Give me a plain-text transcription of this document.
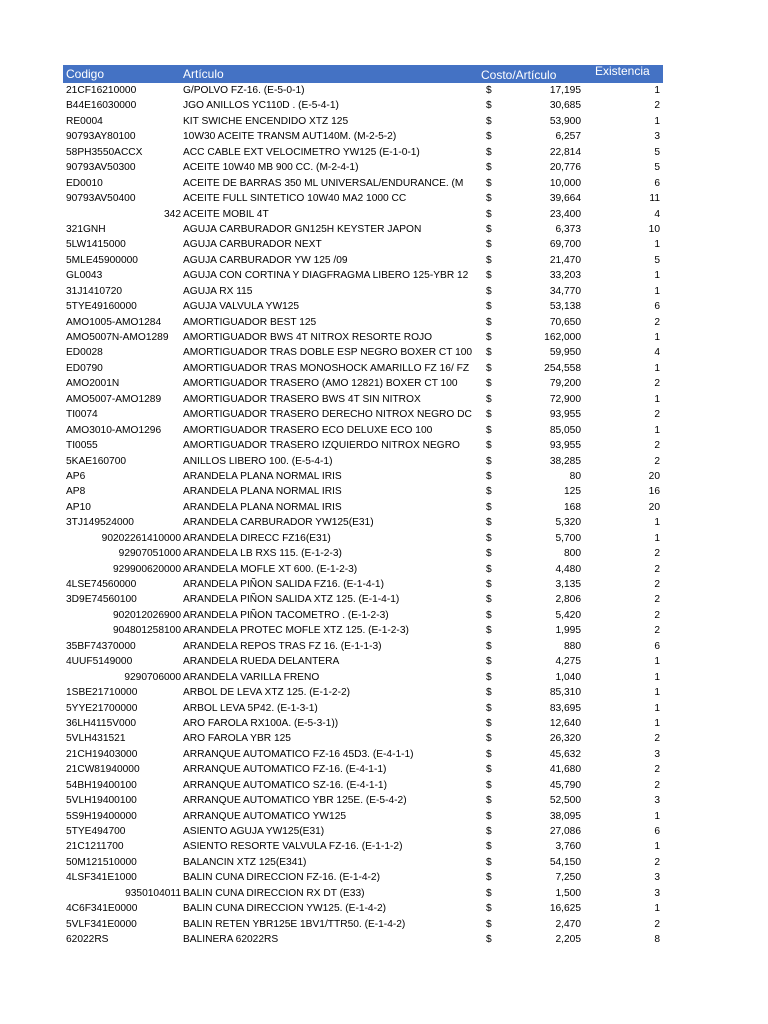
Codigo	Artículo	Costo/Artículo	Existencia
21CF16210000	G/POLVO FZ-16. (E-5-0-1)	$	17,195	1
B44E16030000	JGO ANILLOS YC110D . (E-5-4-1)	$	30,685	2
RE0004	KIT SWICHE ENCENDIDO XTZ 125	$	53,900	1
90793AY80100	10W30 ACEITE TRANSM AUT140M. (M-2-5-2)	$	6,257	3
58PH3550ACCX	ACC CABLE EXT VELOCIMETRO YW125 (E-1-0-1)	$	22,814	5
90793AV50300	ACEITE 10W40 MB 900 CC. (M-2-4-1)	$	20,776	5
ED0010	ACEITE DE BARRAS 350 ML UNIVERSAL/ENDURANCE. (M	$	10,000	6
90793AV50400	ACEITE FULL SINTETICO 10W40 MA2 1000 CC	$	39,664	11
342 ACEITE MOBIL 4T	$	23,400	4
321GNH	AGUJA CARBURADOR GN125H KEYSTER JAPON	$	6,373	10
5LW1415000	AGUJA CARBURADOR NEXT	$	69,700	1
5MLE45900000	AGUJA CARBURADOR YW 125 /09	$	21,470	5
GL0043	AGUJA CON CORTINA Y DIAGFRAGMA LIBERO 125-YBR 12	$	33,203	1
31J1410720	AGUJA RX 115	$	34,770	1
5TYE49160000	AGUJA VALVULA YW125	$	53,138	6
AMO1005-AMO1284	AMORTIGUADOR BEST 125	$	70,650	2
AMO5007N-AMO1289	AMORTIGUADOR BWS 4T NITROX RESORTE ROJO	$	162,000	1
ED0028	AMORTIGUADOR TRAS DOBLE ESP NEGRO BOXER CT 100	$	59,950	4
ED0790	AMORTIGUADOR TRAS MONOSHOCK AMARILLO FZ 16/ FZ	$	254,558	1
AMO2001N	AMORTIGUADOR TRASERO (AMO 12821) BOXER CT 100	$	79,200	2
AMO5007-AMO1289	AMORTIGUADOR TRASERO BWS 4T SIN NITROX	$	72,900	1
TI0074	AMORTIGUADOR TRASERO DERECHO NITROX NEGRO DC	$	93,955	2
AMO3010-AMO1296	AMORTIGUADOR TRASERO ECO DELUXE ECO 100	$	85,050	1
TI0055	AMORTIGUADOR TRASERO IZQUIERDO NITROX NEGRO	$	93,955	2
5KAE160700	ANILLOS LIBERO 100. (E-5-4-1)	$	38,285	2
AP6	ARANDELA PLANA NORMAL IRIS	$	80	20
AP8	ARANDELA PLANA NORMAL IRIS	$	125	16
AP10	ARANDELA PLANA NORMAL IRIS	$	168	20
3TJ149524000	ARANDELA CARBURADOR YW125(E31)	$	5,320	1
90202261410000 ARANDELA DIRECC FZ16(E31)	$	5,700	1
92907051000 ARANDELA LB RXS 115. (E-1-2-3)	$	800	2
929900620000 ARANDELA MOFLE XT 600. (E-1-2-3)	$	4,480	2
4LSE74560000	ARANDELA PIÑON SALIDA FZ16. (E-1-4-1)	$	3,135	2
3D9E74560100	ARANDELA PIÑON SALIDA XTZ 125. (E-1-4-1)	$	2,806	2
902012026900 ARANDELA PIÑON TACOMETRO . (E-1-2-3)	$	5,420	2
904801258100 ARANDELA PROTEC MOFLE XTZ 125. (E-1-2-3)	$	1,995	2
35BF74370000	ARANDELA REPOS TRAS FZ 16. (E-1-1-3)	$	880	6
4UUF5149000	ARANDELA RUEDA DELANTERA	$	4,275	1
9290706000 ARANDELA VARILLA FRENO	$	1,040	1
1SBE21710000	ARBOL DE LEVA XTZ 125. (E-1-2-2)	$	85,310	1
5YYE21700000	ARBOL LEVA 5P42. (E-1-3-1)	$	83,695	1
36LH4115V000	ARO FAROLA RX100A. (E-5-3-1))	$	12,640	1
5VLH431521	ARO FAROLA YBR 125	$	26,320	2
21CH19403000	ARRANQUE AUTOMATICO FZ-16 45D3. (E-4-1-1)	$	45,632	3
21CW81940000	ARRANQUE AUTOMATICO FZ-16. (E-4-1-1)	$	41,680	2
54BH19400100	ARRANQUE AUTOMATICO SZ-16. (E-4-1-1)	$	45,790	2
5VLH19400100	ARRANQUE AUTOMATICO YBR 125E. (E-5-4-2)	$	52,500	3
5S9H19400000	ARRANQUE AUTOMATICO YW125	$	38,095	1
5TYE494700	ASIENTO AGUJA YW125(E31)	$	27,086	6
21C1211700	ASIENTO RESORTE VALVULA FZ-16. (E-1-1-2)	$	3,760	1
50M121510000	BALANCIN XTZ 125(E341)	$	54,150	2
4LSF341E1000	BALIN CUNA DIRECCION FZ-16. (E-1-4-2)	$	7,250	3
9350104011 BALIN CUNA DIRECCION RX DT (E33)	$	1,500	3
4C6F341E0000	BALIN CUNA DIRECCION YW125. (E-1-4-2)	$	16,625	1
5VLF341E0000	BALIN RETEN YBR125E 1BV1/TTR50. (E-1-4-2)	$	2,470	2
62022RS	BALINERA 62022RS	$	2,205	8
